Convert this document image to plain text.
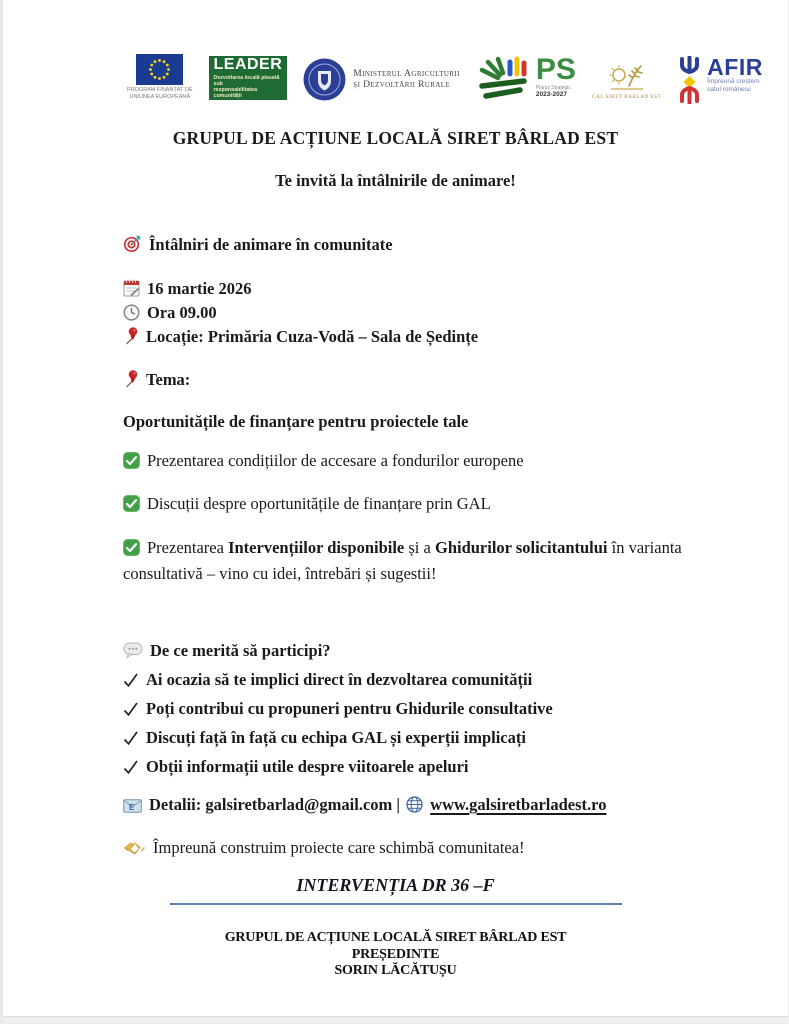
PROGRAM FINANȚAT DE
UNIUNEA EUROPEANĂ
LEADER
Dezvoltarea locală plasată sub
responsabilitatea comunității
Ministerul Agriculturii
și Dezvoltării Rurale	PS
Planul Strategic
2023-2027	GAL SIRET BARLAD EST
AFIR
Împreună creștem
satul românesc
GRUPUL DE ACȚIUNE LOCALĂ SIRET BÂRLAD EST
Te invită la întâlnirile de animare!
Întâlniri de animare în comunitate
16 martie 2026
Ora 09.00
Locație: Primăria Cuza-Vodă – Sala de Ședințe
Tema:
Oportunitățile de finanțare pentru proiectele tale
Prezentarea condițiilor de accesare a fondurilor europene
Discuții despre oportunitățile de finanțare prin GAL
Prezentarea Intervențiilor disponibile și a Ghidurilor solicitantului în varianta consultativă – vino cu idei, întrebări și sugestii!
De ce merită să participi?
Ai ocazia să te implici direct în dezvoltarea comunității
Poți contribui cu propuneri pentru Ghidurile consultative
Discuți față în față cu echipa GAL și experții implicați
Obții informații utile despre viitoarele apeluri
E Detalii: galsiretbarlad@gmail.com | www.galsiretbarladest.ro
Împreună construim proiecte care schimbă comunitatea!
INTERVENȚIA DR 36 –F
GRUPUL DE ACȚIUNE LOCALĂ SIRET BÂRLAD EST
PREȘEDINTE
SORIN LĂCĂTUȘU
